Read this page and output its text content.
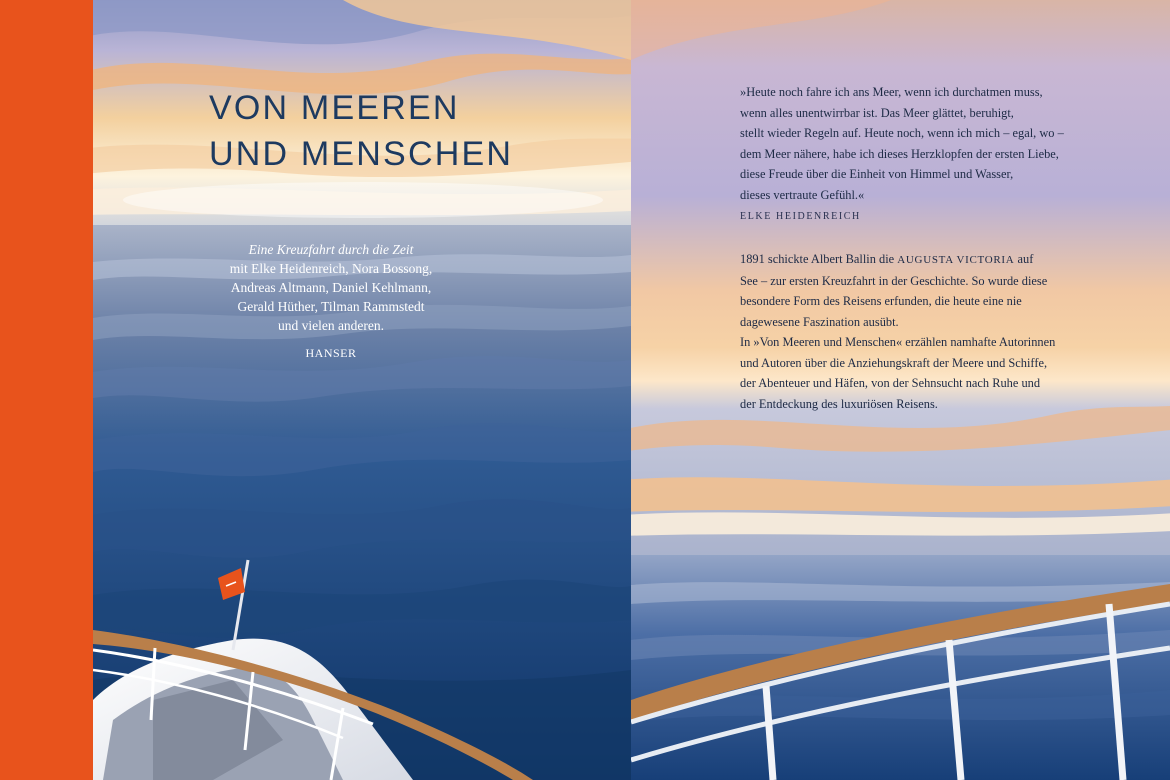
VON MEEREN
UND MENSCHEN
Eine Kreuzfahrt durch die Zeit
mit Elke Heidenreich, Nora Bossong,
Andreas Altmann, Daniel Kehlmann,
Gerald Hüther, Tilman Rammstedt
und vielen anderen.
HANSER
»Heute noch fahre ich ans Meer, wenn ich durchatmen muss,
wenn alles unentwirrbar ist. Das Meer glättet, beruhigt,
stellt wieder Regeln auf. Heute noch, wenn ich mich – egal, wo –
dem Meer nähere, habe ich dieses Herzklopfen der ersten Liebe,
diese Freude über die Einheit von Himmel und Wasser,
dieses vertraute Gefühl.«
ELKE HEIDENREICH
1891 schickte Albert Ballin die AUGUSTA VICTORIA auf
See – zur ersten Kreuzfahrt in der Geschichte. So wurde diese
besondere Form des Reisens erfunden, die heute eine nie
dagewesene Faszination ausübt.
In »Von Meeren und Menschen« erzählen namhafte Autorinnen
und Autoren über die Anziehungskraft der Meere und Schiffe,
der Abenteuer und Häfen, von der Sehnsucht nach Ruhe und
der Entdeckung des luxuriösen Reisens.
